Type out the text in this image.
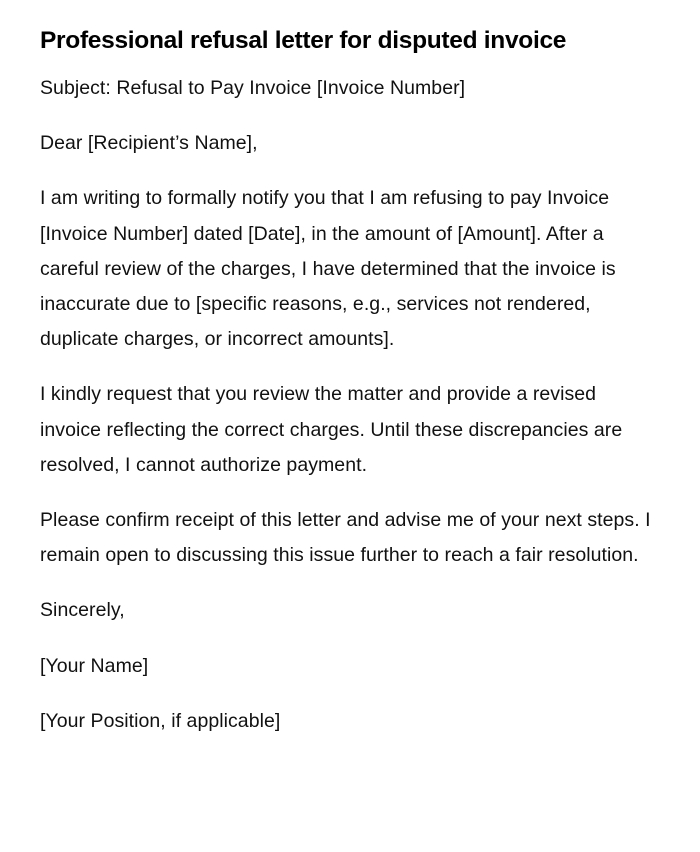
Professional refusal letter for disputed invoice

Subject: Refusal to Pay Invoice [Invoice Number]

Dear [Recipient’s Name],

I am writing to formally notify you that I am refusing to pay Invoice [Invoice Number] dated [Date], in the amount of [Amount]. After a careful review of the charges, I have determined that the invoice is inaccurate due to [specific reasons, e.g., services not rendered, duplicate charges, or incorrect amounts].

I kindly request that you review the matter and provide a revised invoice reflecting the correct charges. Until these discrepancies are resolved, I cannot authorize payment.

Please confirm receipt of this letter and advise me of your next steps. I remain open to discussing this issue further to reach a fair resolution.

Sincerely,

[Your Name]

[Your Position, if applicable]
